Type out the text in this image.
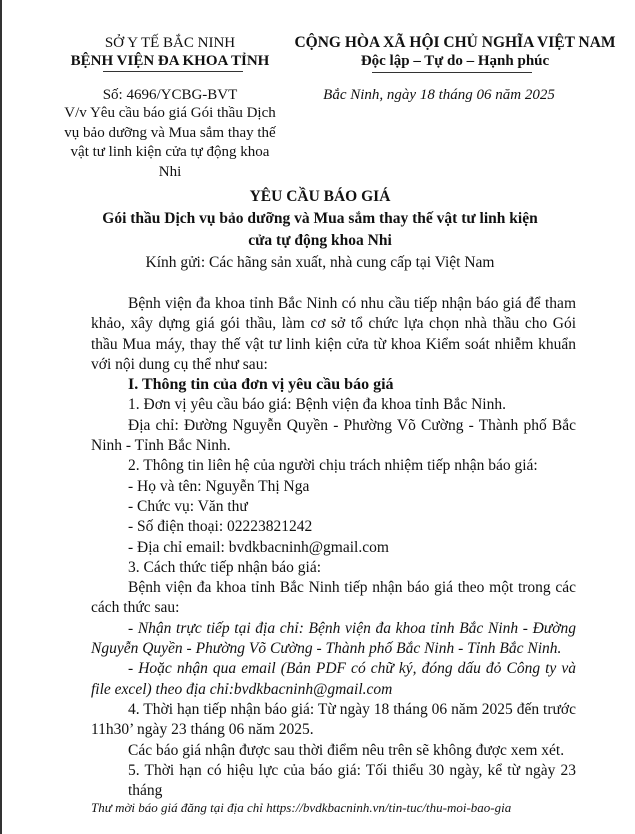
SỞ Y TẾ BẮC NINH
BỆNH VIỆN ĐA KHOA TỈNH
Số: 4696/YCBG-BVT
V/v Yêu cầu báo giá Gói thầu Dịch
vụ bảo dưỡng và Mua sắm thay thế
vật tư linh kiện cửa tự động khoa
Nhi
CỘNG HÒA XÃ HỘI CHỦ NGHĨA VIỆT NAM
Độc lập – Tự do – Hạnh phúc
Bắc Ninh, ngày 18 tháng 06 năm 2025
YÊU CẦU BÁO GIÁ
Gói thầu Dịch vụ bảo dưỡng và Mua sắm thay thế vật tư linh kiện
cửa tự động khoa Nhi
Kính gửi: Các hãng sản xuất, nhà cung cấp tại Việt Nam

Bệnh viện đa khoa tỉnh Bắc Ninh có nhu cầu tiếp nhận báo giá để tham khảo, xây dựng giá gói thầu, làm cơ sở tổ chức lựa chọn nhà thầu cho Gói thầu Mua máy, thay thế vật tư linh kiện cửa từ khoa Kiểm soát nhiễm khuẩn với nội dung cụ thể như sau:

I. Thông tin của đơn vị yêu cầu báo giá

1. Đơn vị yêu cầu báo giá: Bệnh viện đa khoa tỉnh Bắc Ninh.

Địa chỉ: Đường Nguyễn Quyền - Phường Võ Cường - Thành phố Bắc Ninh - Tỉnh Bắc Ninh.

2. Thông tin liên hệ của người chịu trách nhiệm tiếp nhận báo giá:

- Họ và tên: Nguyễn Thị Nga

- Chức vụ: Văn thư

- Số điện thoại: 02223821242

- Địa chỉ email: bvdkbacninh@gmail.com

3. Cách thức tiếp nhận báo giá:

Bệnh viện đa khoa tỉnh Bắc Ninh tiếp nhận báo giá theo một trong các cách thức sau:

- Nhận trực tiếp tại địa chỉ: Bệnh viện đa khoa tỉnh Bắc Ninh - Đường Nguyễn Quyền - Phường Võ Cường - Thành phố Bắc Ninh - Tỉnh Bắc Ninh.

- Hoặc nhận qua email (Bản PDF có chữ ký, đóng dấu đỏ Công ty và file excel) theo địa chỉ:bvdkbacninh@gmail.com

4. Thời hạn tiếp nhận báo giá: Từ ngày 18 tháng 06 năm 2025 đến trước 11h30’ ngày 23 tháng 06 năm 2025.

Các báo giá nhận được sau thời điểm nêu trên sẽ không được xem xét.

5. Thời hạn có hiệu lực của báo giá: Tối thiểu 30 ngày, kể từ ngày 23 tháng

Thư mời báo giá đăng tại địa chỉ https://bvdkbacninh.vn/tin-tuc/thu-moi-bao-gia
